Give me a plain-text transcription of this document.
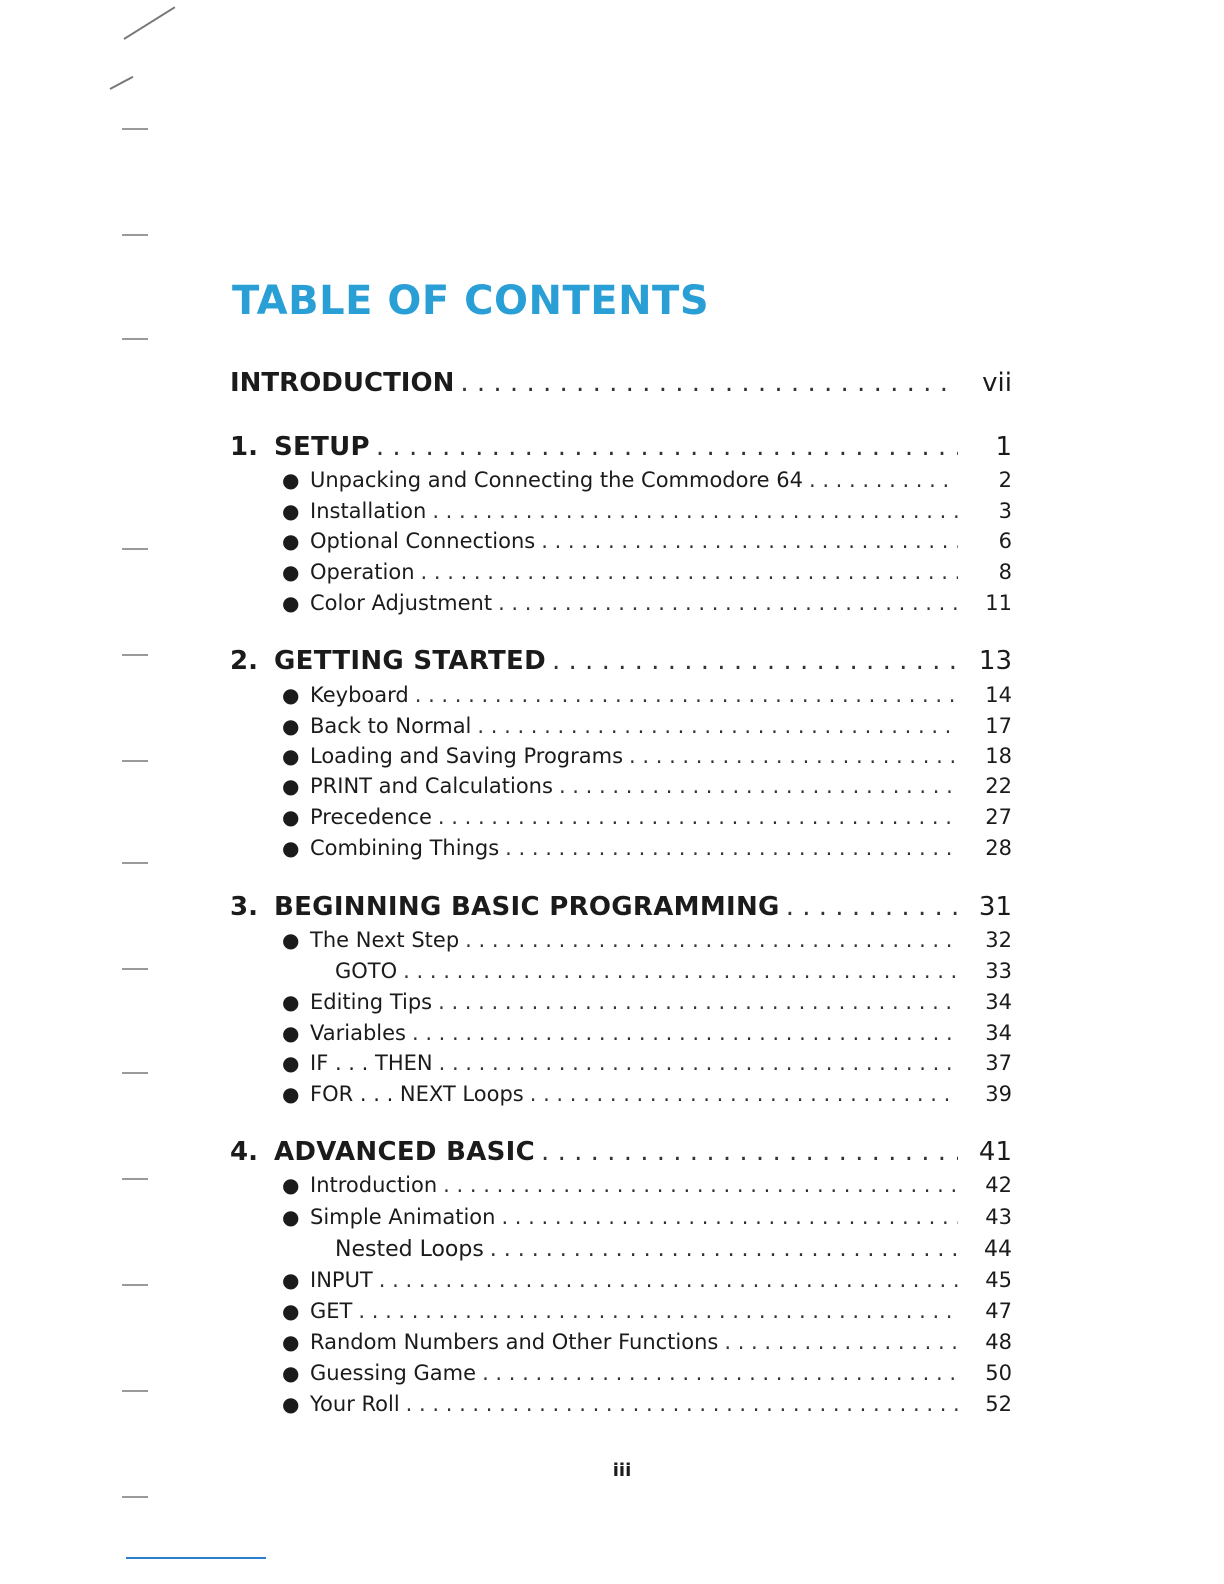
TABLE OF CONTENTS
INTRODUCTION . . .	vii
1. SETUP . . .	1
● Unpacking and Connecting the Commodore 64 . . .	2
● Installation . . .	3
● Optional Connections . . .	6
● Operation . . .	8
● Color Adjustment . . .	11
2. GETTING STARTED . . .	13
● Keyboard . . .	14
● Back to Normal . . .	17
● Loading and Saving Programs . . .	18
● PRINT and Calculations . . .	22
● Precedence . . .	27
● Combining Things . . .	28
3. BEGINNING BASIC PROGRAMMING . . .	31
● The Next Step . . .	32
GOTO . . .	33
● Editing Tips . . .	34
● Variables . . .	34
● IF . . . THEN . . .	37
● FOR . . . NEXT Loops . . .	39
4. ADVANCED BASIC . . .	41
● Introduction . . .	42
● Simple Animation . . .	43
Nested Loops . . .	44
● INPUT . . .	45
● GET . . .	47
● Random Numbers and Other Functions . . .	48
● Guessing Game . . .	50
● Your Roll . . .	52
iii
